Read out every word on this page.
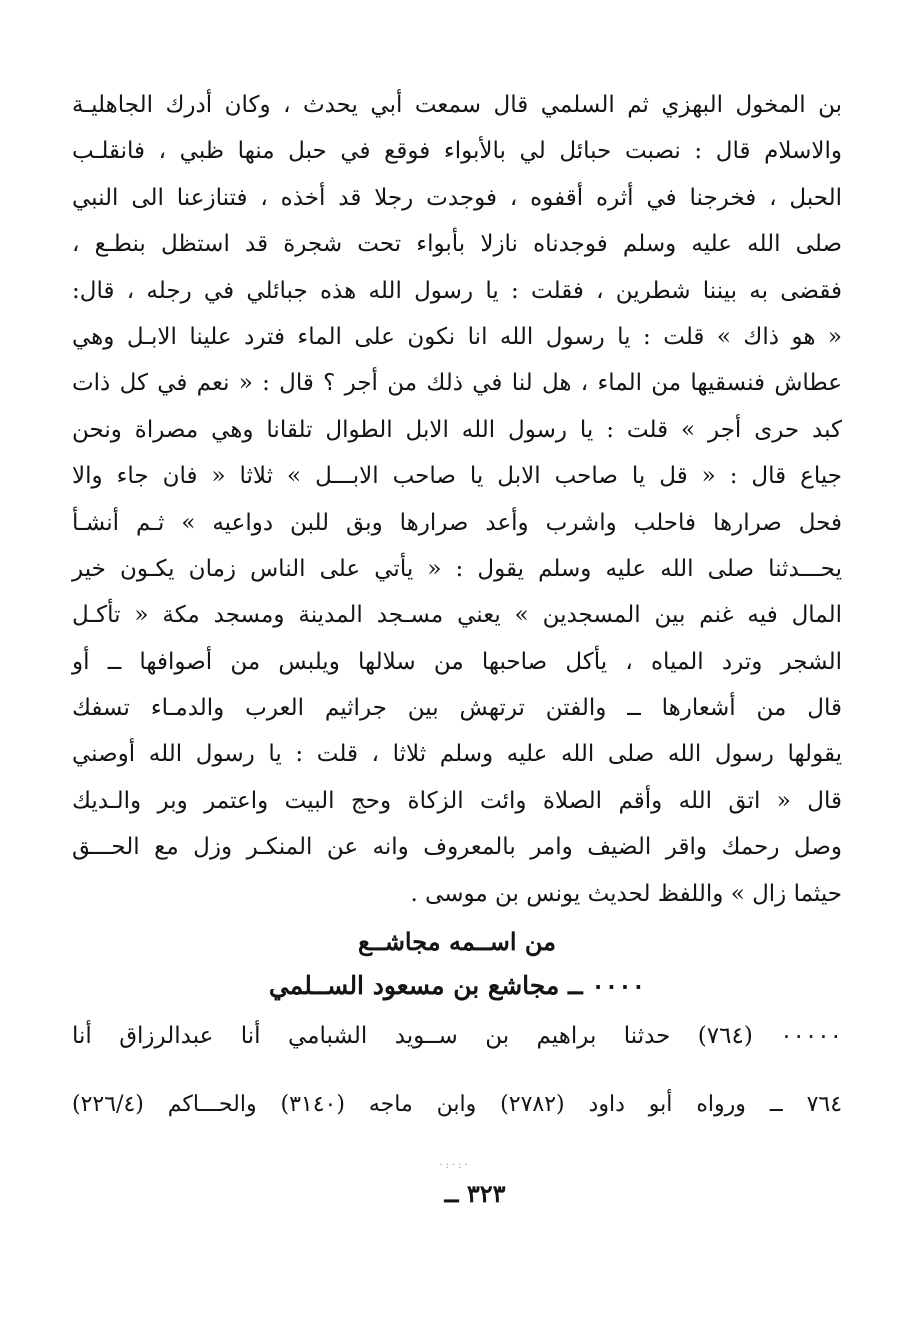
بن المخول البهزي ثم السلمي قال سمعت أبي يحدث ، وكان أدرك الجاهليـة
والاسلام قال : نصبت حبائل لي بالأبواء فوقع في حبل منها ظبي ، فانقلـب
الحبل ، فخرجنا في أثره أقفوه ، فوجدت رجلا قد أخذه ، فتنازعنا الى النبي
صلى الله عليه وسلم فوجدناه نازلا بأبواء تحت شجرة قد استظل بنطـع ،
فقضى به بيننا شطرين ، فقلت : يا رسول الله هذه جبائلي في رجله ، قال:
« هو ذاك » قلت : يا رسول الله انا نكون على الماء فترد علينا الابـل وهي
عطاش فنسقيها من الماء ، هل لنا في ذلك من أجر ؟ قال : « نعم في كل ذات
كبد حرى أجر » قلت : يا رسول الله الابل الطوال تلقانا وهي مصراة ونحن
جياع قال : « قل يا صاحب الابل يا صاحب الابـــل » ثلاثا « فان جاء والا
فحل صرارها فاحلب واشرب وأعد صرارها وبق للبن دواعيه » ثـم أنشـأ
يحـــدثنا صلى الله عليه وسلم يقول : « يأتي على الناس زمان يكـون خير
المال فيه غنم بين المسجدين » يعني مسـجد المدينة ومسجد مكة « تأكـل
الشجر وترد المياه ، يأكل صاحبها من سلالها ويلبس من أصوافها ــ أو
قال من أشعارها ــ والفتن ترتهش بين جراثيم العرب والدمـاء تسفك
يقولها رسول الله صلى الله عليه وسلم ثلاثا ، قلت : يا رسول الله أوصني
قال « اتق الله وأقم الصلاة وائت الزكاة وحج البيت واعتمر وبر والـديك
وصل رحمك واقر الضيف وامر بالمعروف وانه عن المنكـر وزل مع الحـــق
حيثما زال » واللفظ لحديث يونس بن موسى .
من اســمه مجاشــع
٠٠٠٠ ــ مجاشع بن مسعود الســلمي
٠٠٠٠٠ (٧٦٤) حدثنا براهيم بن ســويد الشبامي أنا عبدالرزاق أنا
٧٦٤ ــ ورواه أبو داود (٢٧٨٢) وابن ماجه (٣١٤٠) والحـــاكم (٢٢٦/٤)
·:·:·
٣٢٣ ــ
